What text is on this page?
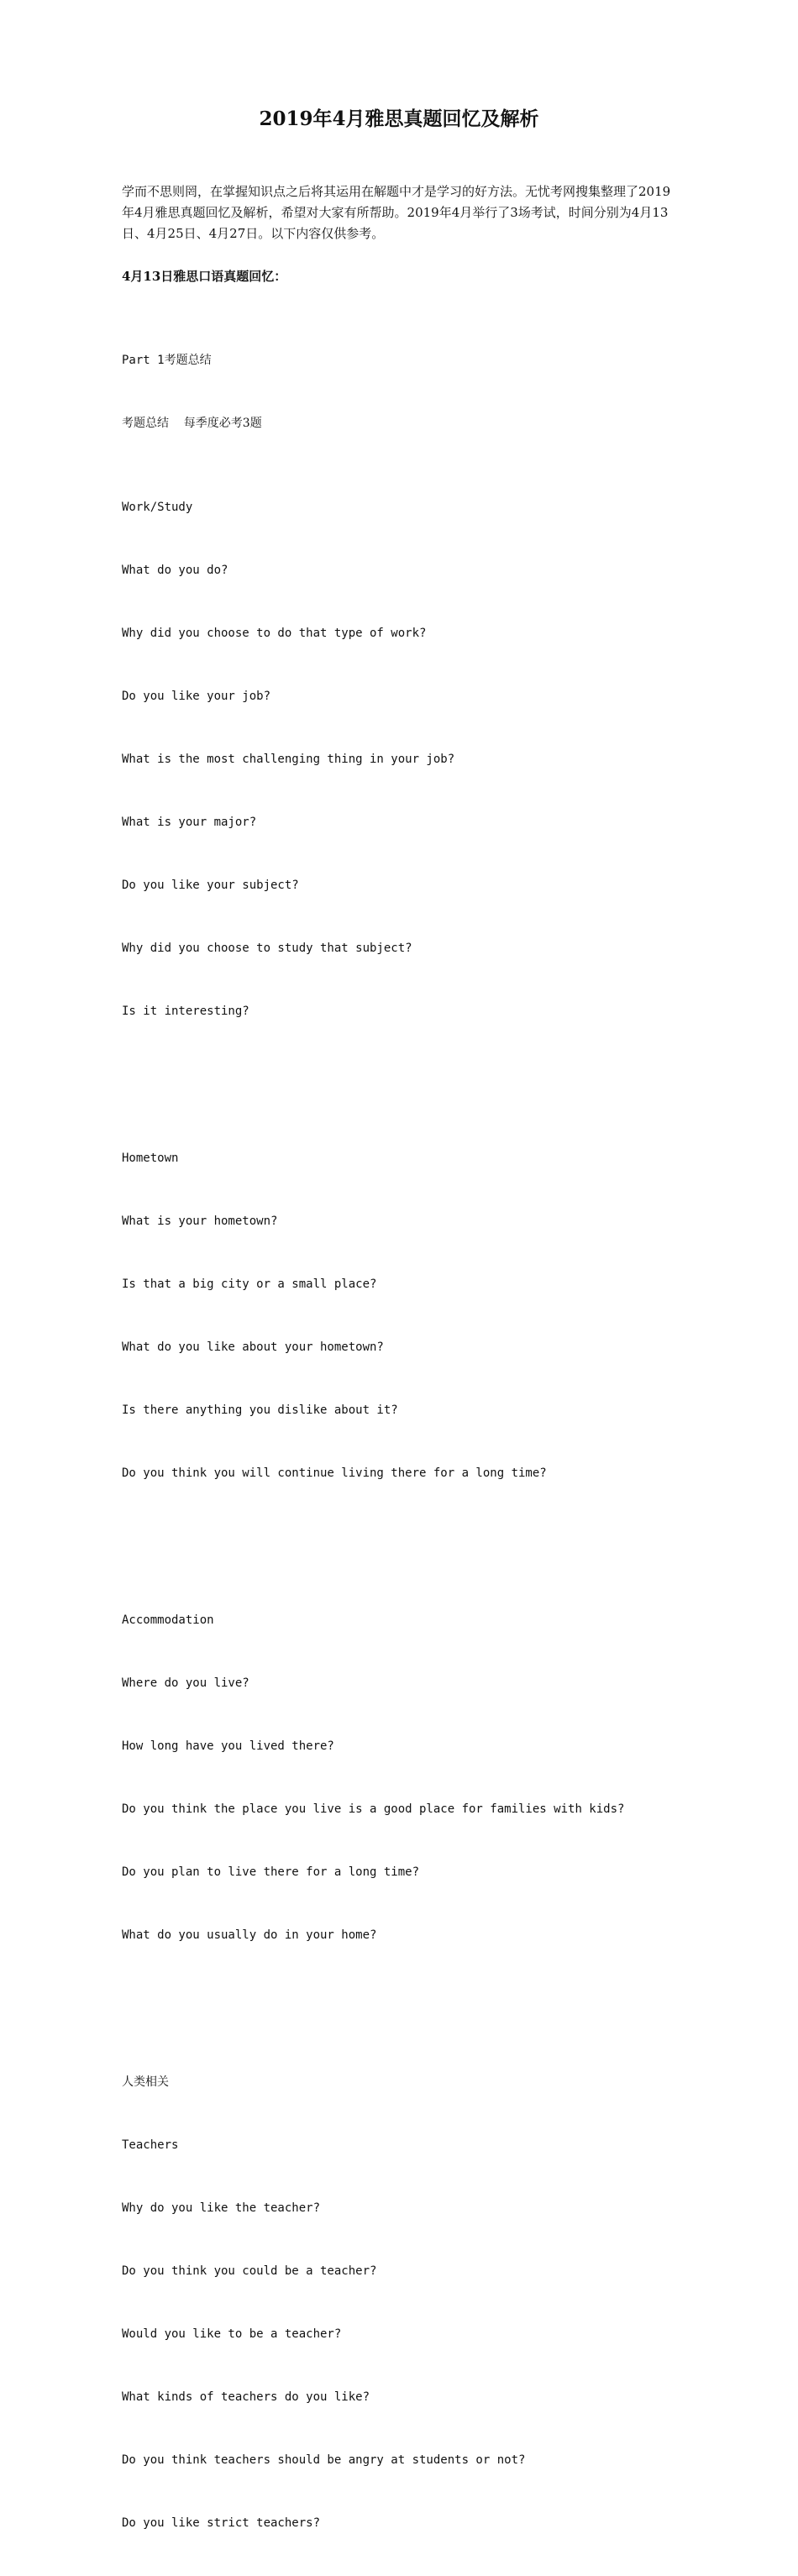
2019年4月雅思真题回忆及解析
学而不思则罔，在掌握知识点之后将其运用在解题中才是学习的好方法。无忧考网搜集整理了2019年4月雅思真题回忆及解析，希望对大家有所帮助。2019年4月举行了3场考试，时间分别为4月13日、4月25日、4月27日。以下内容仅供参考。
4月13日雅思口语真题回忆：

Part 1考题总结

考题总结    每季度必考3题

Work/Study

What do you do?

Why did you choose to do that type of work?

Do you like your job?

What is the most challenging thing in your job?

What is your major?

Do you like your subject?

Why did you choose to study that subject?

Is it interesting?

Hometown

What is your hometown?

Is that a big city or a small place?

What do you like about your hometown?

Is there anything you dislike about it?

Do you think you will continue living there for a long time?

Accommodation

Where do you live?

How long have you lived there?

Do you think the place you live is a good place for families with kids?

Do you plan to live there for a long time?

What do you usually do in your home?

人类相关

Teachers

Why do you like the teacher?

Do you think you could be a teacher?

Would you like to be a teacher?

What kinds of teachers do you like?

Do you think teachers should be angry at students or not?

Do you like strict teachers?
